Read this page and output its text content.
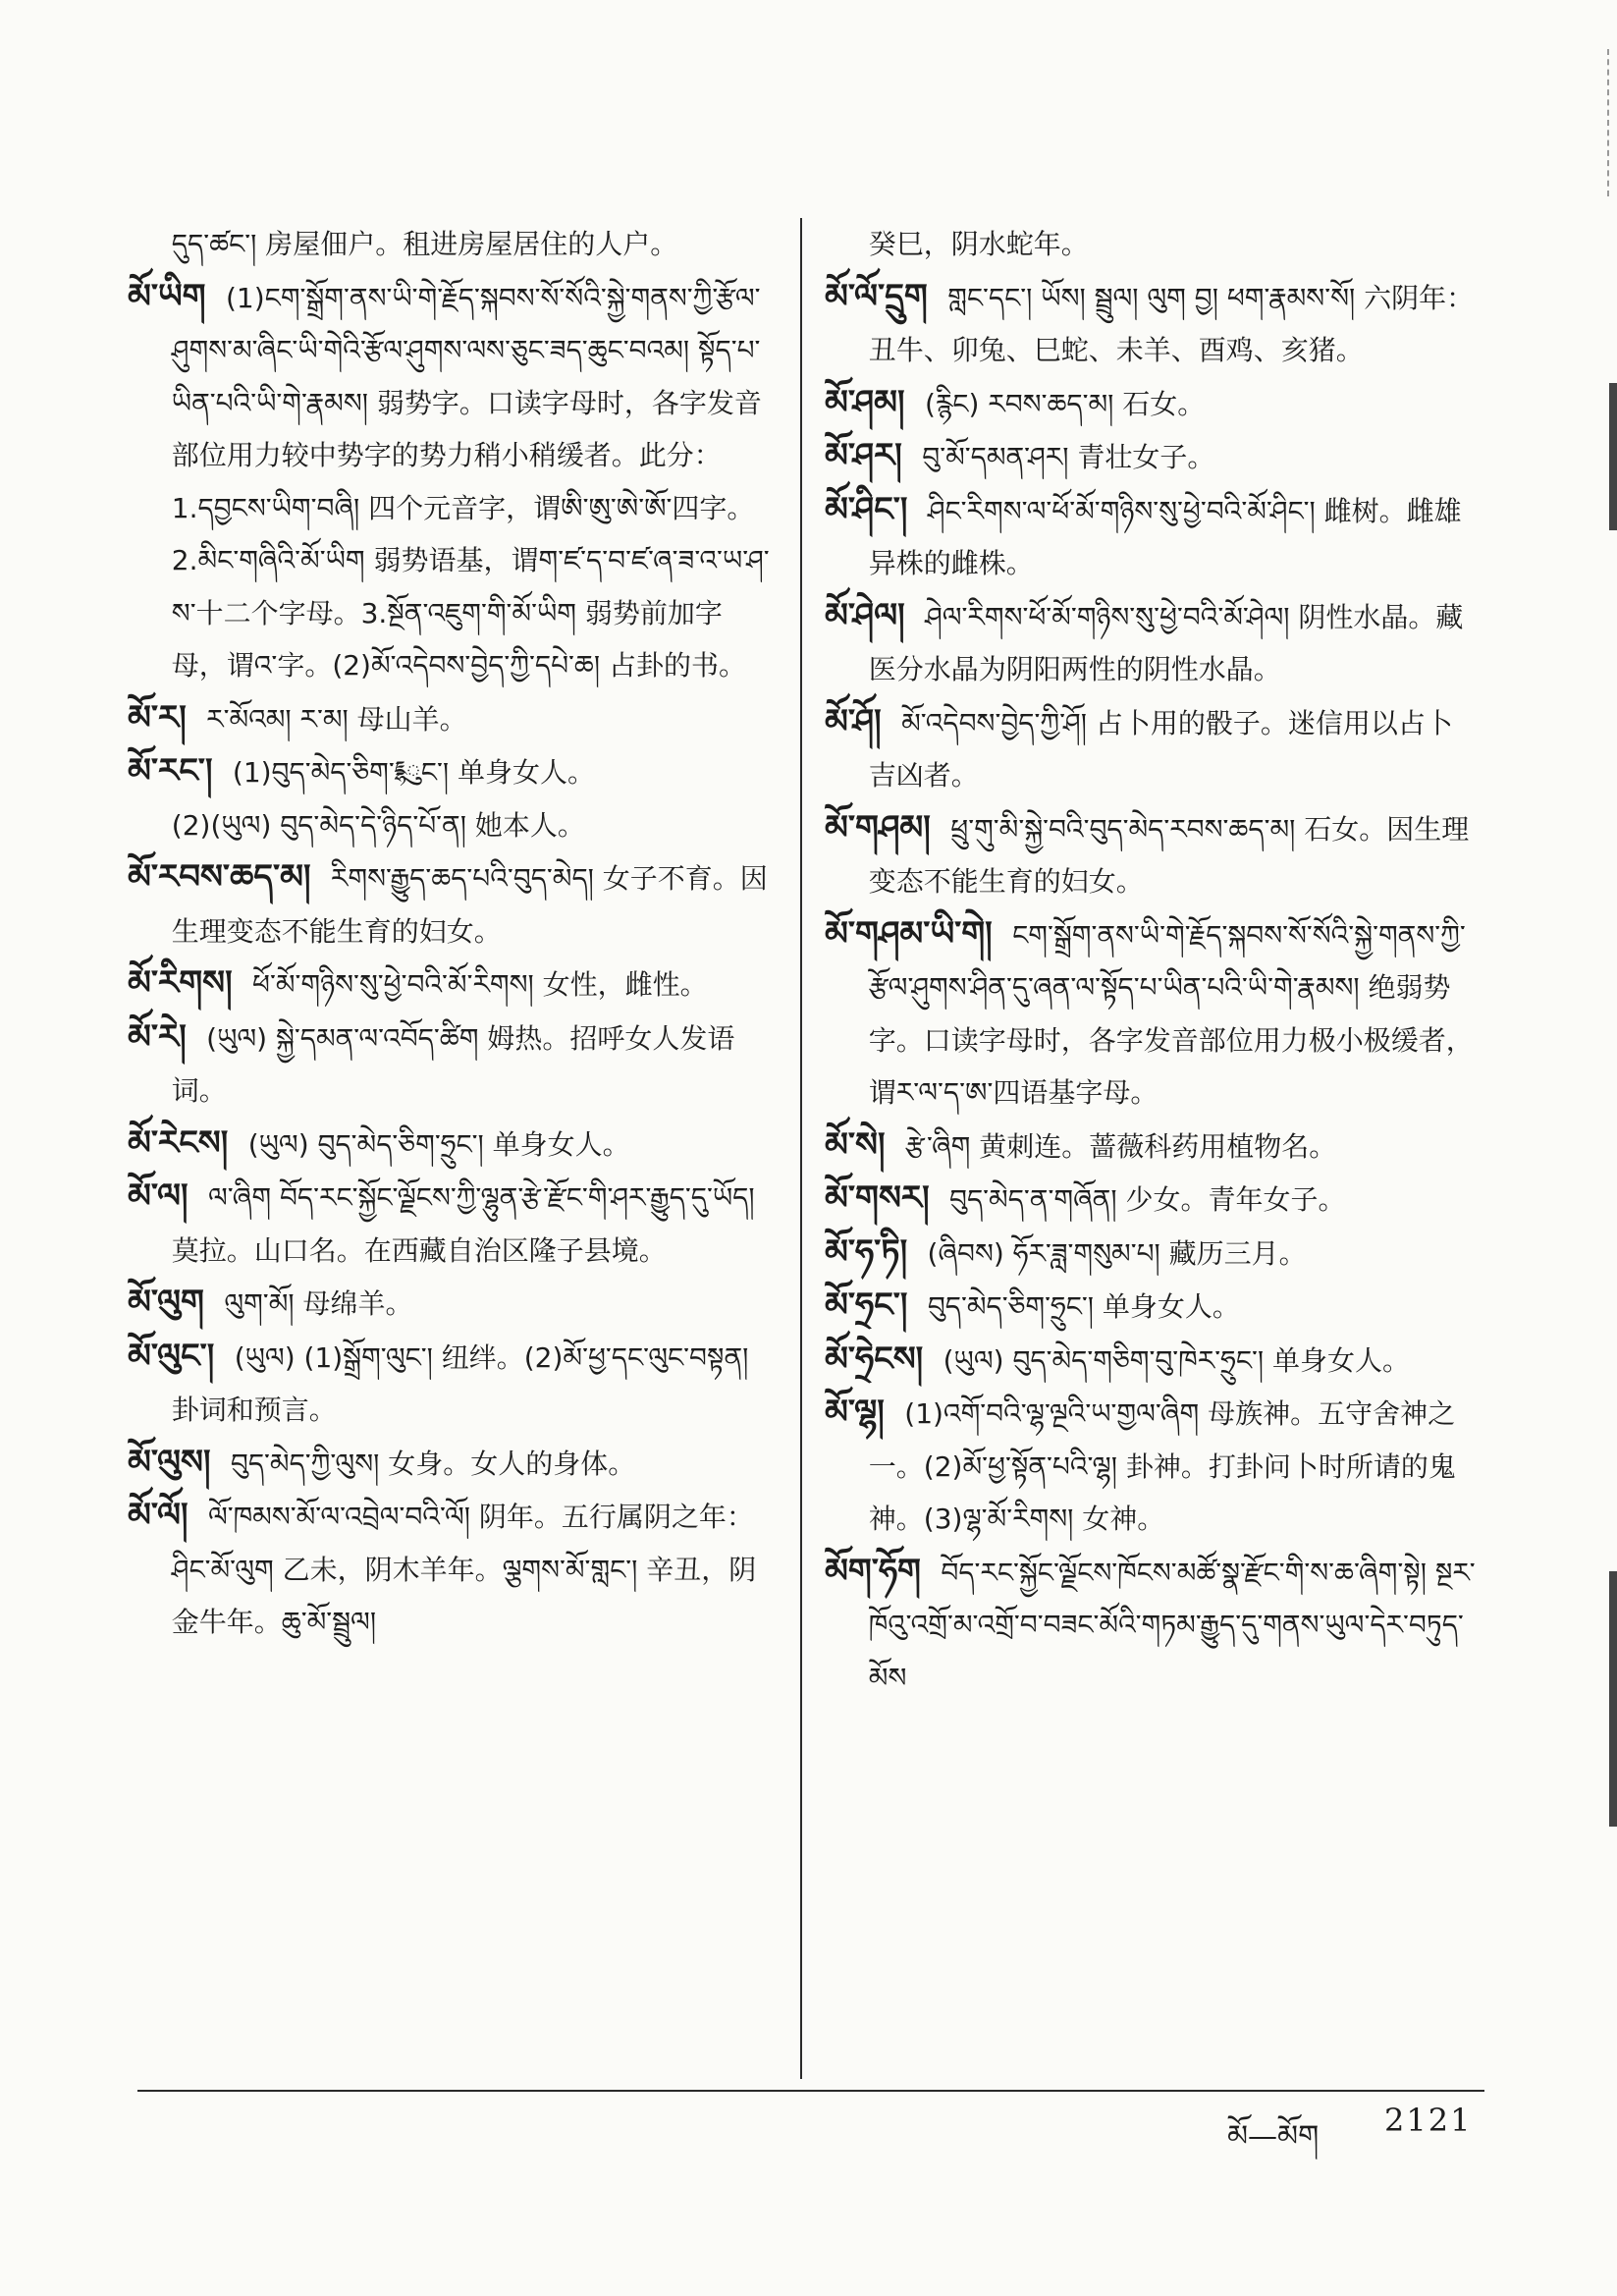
དུད་ཚང་། 房屋佃户。租进房屋居住的人户。

མོ་ཡིག (1)ངག་སྒྲོག་ནས་ཡི་གེ་རྗོད་སྐབས་སོ་སོའི་སྐྱེ་གནས་ཀྱི་རྩོལ་ཤུགས་མ་ཞིང་ཡི་གེའི་རྩོལ་ཤུགས་ལས་ཅུང་ཟད་ཆུང་བའམ། སྟོད་པ་ཡིན་པའི་ཡི་གེ་རྣམས། 弱势字。口读字母时，各字发音部位用力较中势字的势力稍小稍缓者。此分：1.དབྱངས་ཡིག་བཞི། 四个元音字，谓ཨི་ཨུ་ཨེ་ཨོ་四字。2.མིང་གཞིའི་མོ་ཡིག 弱势语基，谓ག་ཛ་ད་བ་ཛ་ཞ་ཟ་འ་ཡ་ཤ་ས་十二个字母。3.སྔོན་འཇུག་གི་མོ་ཡིག 弱势前加字母，谓འ་字。(2)མོ་འདེབས་བྱེད་ཀྱི་དཔེ་ཆ། 占卦的书。

མོ་ར། ར་མོའམ། ར་མ། 母山羊。

མོ་རང་། (1)བུད་མེད་ཅིག་཈ུང་། 单身女人。

(2)(ཡུལ) བུད་མེད་དེ་ཉིད་པོ་ན། 她本人。

མོ་རབས་ཆད་མ། རིགས་རྒྱུད་ཆད་པའི་བུད་མེད། 女子不育。因生理变态不能生育的妇女。

མོ་རིགས། ཕོ་མོ་གཉིས་སུ་ཕྱེ་བའི་མོ་རིགས། 女性，雌性。

མོ་རེ། (ཡུལ) སྐྱེ་དམན་ལ་འབོད་ཚིག 姆热。招呼女人发语词。

མོ་རེངས། (ཡུལ) བུད་མེད་ཅིག་ཧྲུང་། 单身女人。

མོ་ལ། ལ་ཞིག བོད་རང་སྐྱོང་ལྗོངས་ཀྱི་ལྷུན་རྩེ་རྫོང་གི་ཤར་རྒྱུད་དུ་ཡོད། 莫拉。山口名。在西藏自治区隆子县境。

མོ་ལུག ལུག་མོ། 母绵羊。

མོ་ལུང་། (ཡུལ) (1)སྒྲོག་ལུང་། 纽绊。(2)མོ་ཕྱ་དང་ལུང་བསྟན། 卦词和预言。

མོ་ལུས། བུད་མེད་ཀྱི་ལུས། 女身。女人的身体。

མོ་ལོ། ལོ་ཁམས་མོ་ལ་འབྲེལ་བའི་ལོ། 阴年。五行属阴之年：ཤིང་མོ་ལུག 乙未，阴木羊年。ལྕགས་མོ་གླང་། 辛丑，阴金牛年。ཆུ་མོ་སྦྲུལ།

癸巳，阴水蛇年。

མོ་ལོ་དྲུག གླང་དང་། ཡོས། སྦྲུལ། ལུག བྱ། ཕག་རྣམས་སོ། 六阴年：丑牛、卯兔、巳蛇、未羊、酉鸡、亥猪。

མོ་ཤམ། (རྙིང) རབས་ཆད་མ། 石女。

མོ་ཤར། བུ་མོ་དམན་ཤར། 青壮女子。

མོ་ཤིང་། ཤིང་རིགས་ལ་ཕོ་མོ་གཉིས་སུ་ཕྱེ་བའི་མོ་ཤིང་། 雌树。雌雄异株的雌株。

མོ་ཤེལ། ཤེལ་རིགས་ཕོ་མོ་གཉིས་སུ་ཕྱེ་བའི་མོ་ཤེལ། 阴性水晶。藏医分水晶为阴阳两性的阴性水晶。

མོ་ཤོ། མོ་འདེབས་བྱེད་ཀྱི་ཤོ། 占卜用的骰子。迷信用以占卜吉凶者。

མོ་གཤམ། ཕྲུ་གུ་མི་སྐྱེ་བའི་བུད་མེད་རབས་ཆད་མ། 石女。因生理变态不能生育的妇女。

མོ་གཤམ་ཡི་གེ། ངག་སྒྲོག་ནས་ཡི་གེ་རྗོད་སྐབས་སོ་སོའི་སྐྱེ་གནས་ཀྱི་རྩོལ་ཤུགས་ཤིན་དུ་ཞན་ལ་སྟོད་པ་ཡིན་པའི་ཡི་གེ་རྣམས། 绝弱势字。口读字母时，各字发音部位用力极小极缓者，谓ར་ལ་ད་ཨ་四语基字母。

མོ་སེ། རྩེ་ཞིག 黄刺连。蔷薇科药用植物名。

མོ་གསར། བུད་མེད་ན་གཞོན། 少女。青年女子。

མོ་ཧ་ཏི། (ཞིབས) ཧོར་ཟླ་གསུམ་པ། 藏历三月。

མོ་ཧྲང་། བུད་མེད་ཅིག་ཧྲུང་། 单身女人。

མོ་ཧྲེངས། (ཡུལ) བུད་མེད་གཅིག་བུ་ཁེར་ཧྲུང་། 单身女人。

མོ་ལྷ། (1)འགོ་བའི་ལྷ་ལྔའི་ཡ་གྱལ་ཞིག 母族神。五守舍神之一。(2)མོ་ཕྱ་སྟོན་པའི་ལྷ། 卦神。打卦问卜时所请的鬼神。(3)ལྷ་མོ་རིགས། 女神。

མོག་ཧོག བོད་རང་སྐྱོང་ལྗོངས་ཁོངས་མཚོ་སྣ་རྫོང་གི་ས་ཆ་ཞིག་སྟེ། སྔར་ཁོའུ་འགྲོ་མ་འགྲོ་བ་བཟང་མོའི་གཏམ་རྒྱུད་དུ་གནས་ཡུལ་དེར་བཏུད་མོས

མོ—མོག 2121
